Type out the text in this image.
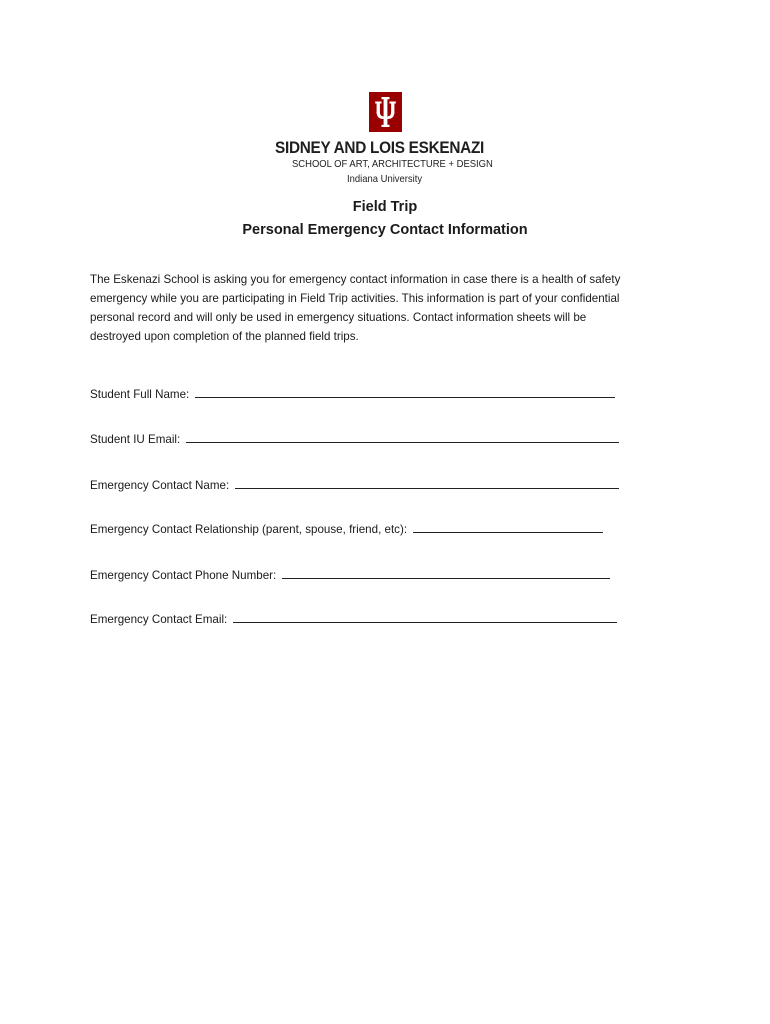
SIDNEY AND LOIS ESKENAZI
SCHOOL OF ART, ARCHITECTURE + DESIGN
Indiana University
Field Trip
Personal Emergency Contact Information
The Eskenazi School is asking you for emergency contact information in case there is a health of safety
emergency while you are participating in Field Trip activities. This information is part of your confidential
personal record and will only be used in emergency situations. Contact information sheets will be
destroyed upon completion of the planned field trips.
Student Full Name:
Student IU Email:
Emergency Contact Name:
Emergency Contact Relationship (parent, spouse, friend, etc):
Emergency Contact Phone Number:
Emergency Contact Email:
